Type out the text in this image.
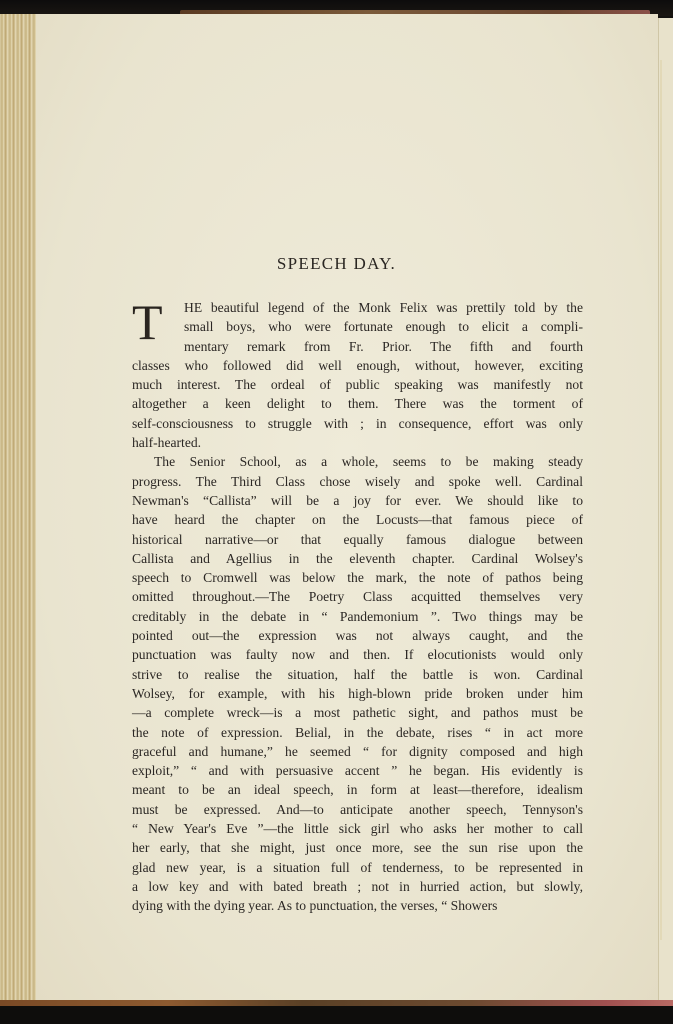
SPEECH DAY.
T	HE beautiful legend of the Monk Felix was prettily told by the
small boys, who were fortunate enough to elicit a compli-
mentary remark from Fr. Prior. The fifth and fourth
classes who followed did well enough, without, however, exciting
much interest. The ordeal of public speaking was manifestly not
altogether a keen delight to them. There was the torment of
self-consciousness to struggle with ; in consequence, effort was only
half-hearted.
The Senior School, as a whole, seems to be making steady
progress. The Third Class chose wisely and spoke well. Cardinal
Newman's “Callista” will be a joy for ever. We should like to
have heard the chapter on the Locusts—that famous piece of
historical narrative—or that equally famous dialogue between
Callista and Agellius in the eleventh chapter. Cardinal Wolsey's
speech to Cromwell was below the mark, the note of pathos being
omitted throughout.—The Poetry Class acquitted themselves very
creditably in the debate in “ Pandemonium ”. Two things may be
pointed out—the expression was not always caught, and the
punctuation was faulty now and then. If elocutionists would only
strive to realise the situation, half the battle is won. Cardinal
Wolsey, for example, with his high-blown pride broken under him
—a complete wreck—is a most pathetic sight, and pathos must be
the note of expression. Belial, in the debate, rises “ in act more
graceful and humane,” he seemed “ for dignity composed and high
exploit,” “ and with persuasive accent ” he began. His evidently is
meant to be an ideal speech, in form at least—therefore, idealism
must be expressed. And—to anticipate another speech, Tennyson's
“ New Year's Eve ”—the little sick girl who asks her mother to call
her early, that she might, just once more, see the sun rise upon the
glad new year, is a situation full of tenderness, to be represented in
a low key and with bated breath ; not in hurried action, but slowly,
dying with the dying year. As to punctuation, the verses, “ Showers
